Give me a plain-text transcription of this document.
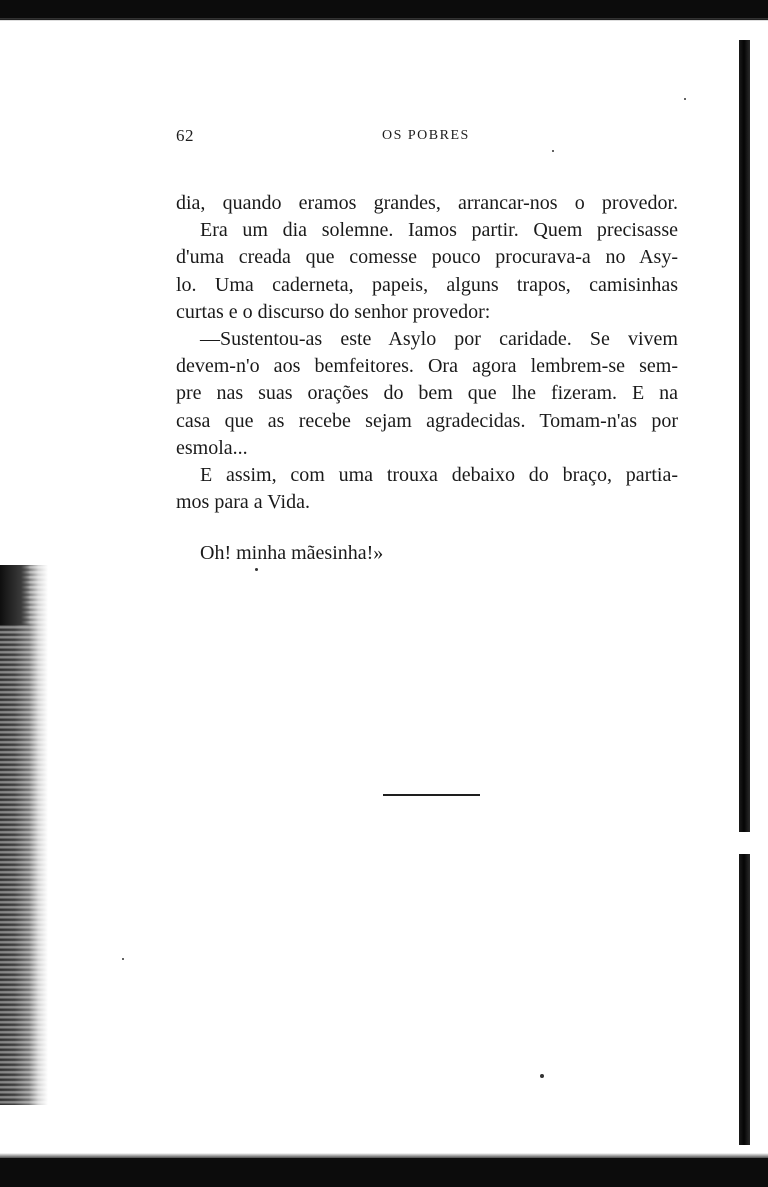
62	OS POBRES

dia, quando eramos grandes, arrancar-nos o provedor.
Era um dia solemne. Iamos partir. Quem precisasse
d'uma creada que comesse pouco procurava-a no Asy-
lo. Uma caderneta, papeis, alguns trapos, camisinhas
curtas e o discurso do senhor provedor:
—Sustentou-as este Asylo por caridade. Se vivem
devem-n'o aos bemfeitores. Ora agora lembrem-se sem-
pre nas suas orações do bem que lhe fizeram. E na
casa que as recebe sejam agradecidas. Tomam-n'as por
esmola...
E assim, com uma trouxa debaixo do braço, partia-
mos para a Vida.
Oh! minha mãesinha!»
